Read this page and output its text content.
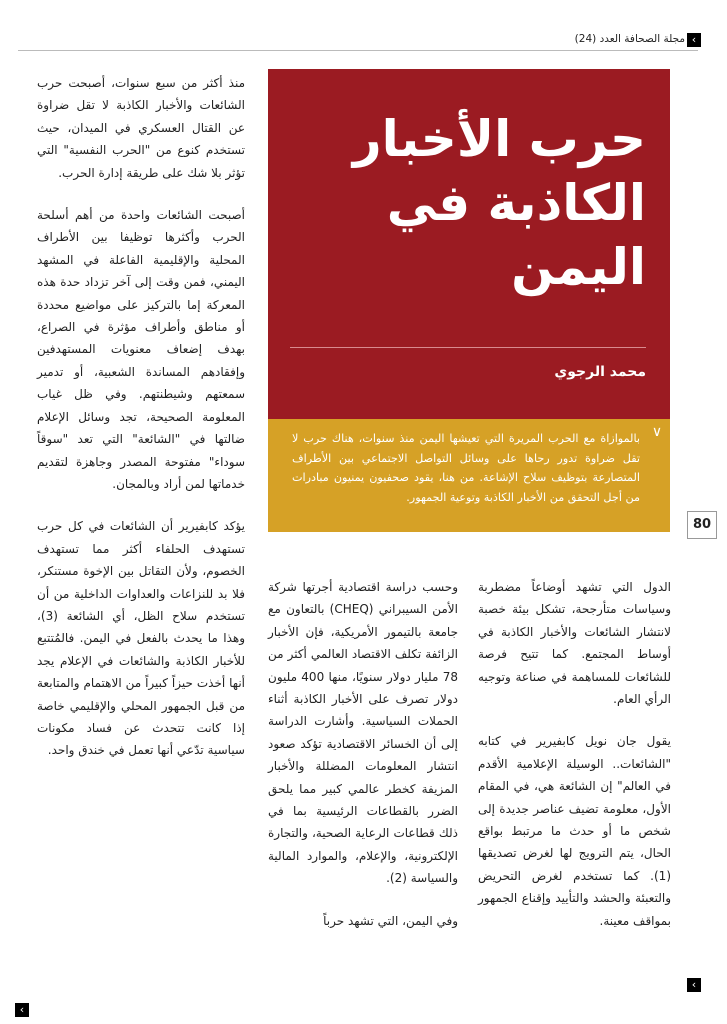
‹
مجلة الصحافة العدد (24)

منذ أكثر من سبع سنوات، أصبحت حرب الشائعات والأخبار الكاذبة لا تقل ضراوة عن القتال العسكري في الميدان، حيث تستخدم كنوع من "الحرب النفسية" التي تؤثر بلا شك على طريقة إدارة الحرب.

أصبحت الشائعات واحدة من أهم أسلحة الحرب وأكثرها توظيفا بين الأطراف المحلية والإقليمية الفاعلة في المشهد اليمني، فمن وقت إلى آخر تزداد حدة هذه المعركة إما بالتركيز على مواضيع محددة أو مناطق وأطراف مؤثرة في الصراع، بهدف إضعاف معنويات المستهدفين وإفقادهم المساندة الشعبية، أو تدمير سمعتهم وشيطنتهم. وفي ظل غياب المعلومة الصحيحة، تجد وسائل الإعلام ضالتها في "الشائعة" التي تعد "سوقاً سوداء" مفتوحة المصدر وجاهزة لتقديم خدماتها لمن أراد وبالمجان.

يؤكد كابفيرير أن الشائعات في كل حرب تستهدف الحلفاء أكثر مما تستهدف الخصوم، ولأن التقاتل بين الإخوة مستنكر، فلا بد للنزاعات والعداوات الداخلية من أن تستخدم سلاح الظل، أي الشائعة (3)، وهذا ما يحدث بالفعل في اليمن. فالمُتتبع للأخبار الكاذبة والشائعات في الإعلام يجد أنها أخذت حيزاً كبيراً من الاهتمام والمتابعة من قبل الجمهور المحلي والإقليمي خاصة إذا كانت تتحدث عن فساد مكونات سياسية تدّعي أنها تعمل في خندق واحد.

حرب الأخبار
الكاذبة في
اليمن
محمد الرجوي
∨

بالموازاة مع الحرب المريرة التي تعيشها اليمن منذ سنوات، هناك حرب لا تقل ضراوة تدور رحاها على وسائل التواصل الاجتماعي بين الأطراف المتصارعة بتوظيف سلاح الإشاعة. من هنا، يقود صحفيون يمنيون مبادرات من أجل التحقق من الأخبار الكاذبة وتوعية الجمهور.

80

وحسب دراسة اقتصادية أجرتها شركة الأمن السيبراني (CHEQ) بالتعاون مع جامعة بالتيمور الأمريكية، فإن الأخبار الزائفة تكلف الاقتصاد العالمي أكثر من 78 مليار دولار سنويًا، منها 400 مليون دولار تصرف على الأخبار الكاذبة أثناء الحملات السياسية. وأشارت الدراسة إلى أن الخسائر الاقتصادية تؤكد صعود انتشار المعلومات المضللة والأخبار المزيفة كخطر عالمي كبير مما يلحق الضرر بالقطاعات الرئيسية بما في ذلك قطاعات الرعاية الصحية، والتجارة الإلكترونية، والإعلام، والموارد المالية والسياسة (2).

وفي اليمن، التي تشهد حرباً

الدول التي تشهد أوضاعاً مضطربة وسياسات متأرجحة، تشكل بيئة خصبة لانتشار الشائعات والأخبار الكاذبة في أوساط المجتمع. كما تتيح فرصة للشائعات للمساهمة في صناعة وتوجيه الرأي العام.

يقول جان نويل كابفيرير في كتابه "الشائعات.. الوسيلة الإعلامية الأقدم في العالم" إن الشائعة هي، في المقام الأول، معلومة تضيف عناصر جديدة إلى شخص ما أو حدث ما مرتبط بواقع الحال، يتم الترويج لها لغرض تصديقها (1). كما تستخدم لغرض التحريض والتعبئة والحشد والتأييد وإقناع الجمهور بمواقف معينة.

‹
‹
